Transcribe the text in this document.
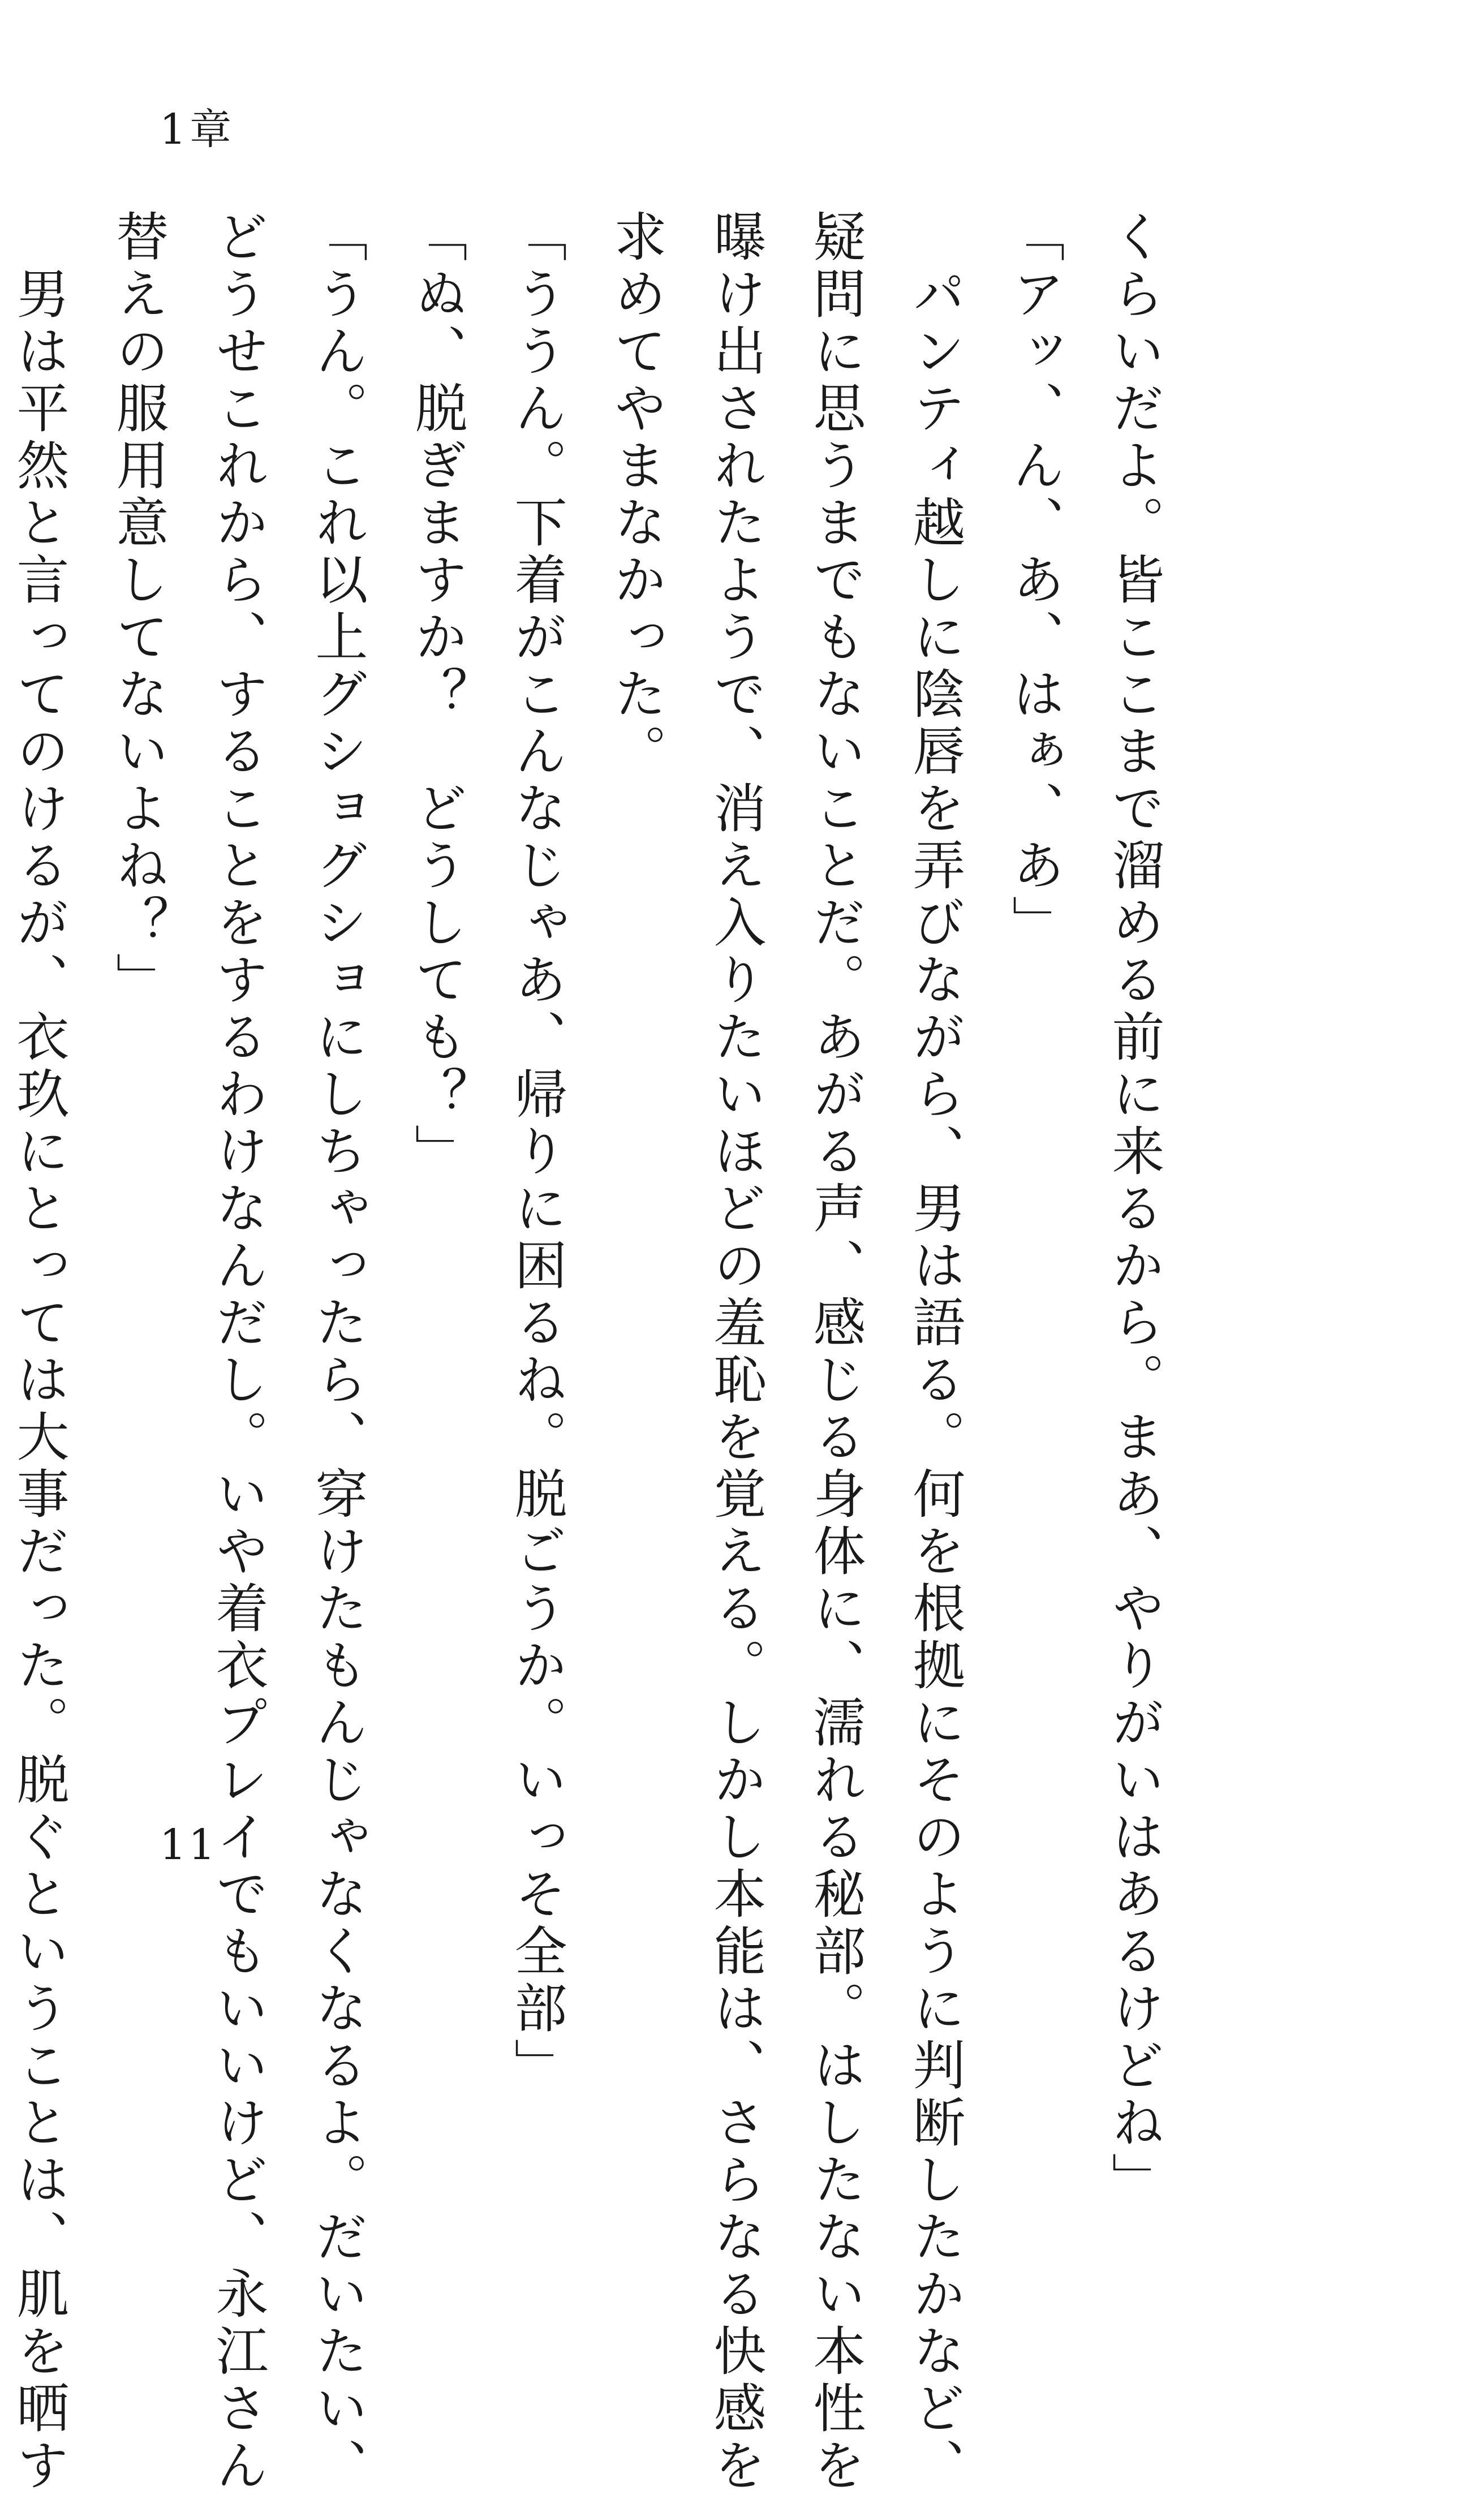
1章
くらいだよ。皆ここまで溜める前に来るから。まあ、やりがいはあるけどね」
「アッ、ん、あ、はぁ、あ」
　パンティ越しに陰唇を弄びながら、男は語る。何を根拠にそのように判断したかなど、
疑問に思うまでもないことだ。あがる声、感じる身体に、濡れる秘部。はしたない本性を
曝け出されたようで、消え入りたいほどの羞恥を覚える。しかし本能は、さらなる快感を
求めてやまなかった。
「ううん。下着がこんなじゃあ、帰りに困るね。脱ごうか。いっそ全部」
「ぬ、脱ぎますか？　どうしても？」
「うん。これ以上グショグショにしちゃったら、穿けたもんじゃなくなるよ。だいたい、
どうせこれから、することをするわけなんだし。いや着衣プレイでもいいけど、永江さん
替えの服用意してないよね？」
　男は平然と言ってのけるが、衣玖にとっては大事だった。脱ぐということは、肌を晒す	11
